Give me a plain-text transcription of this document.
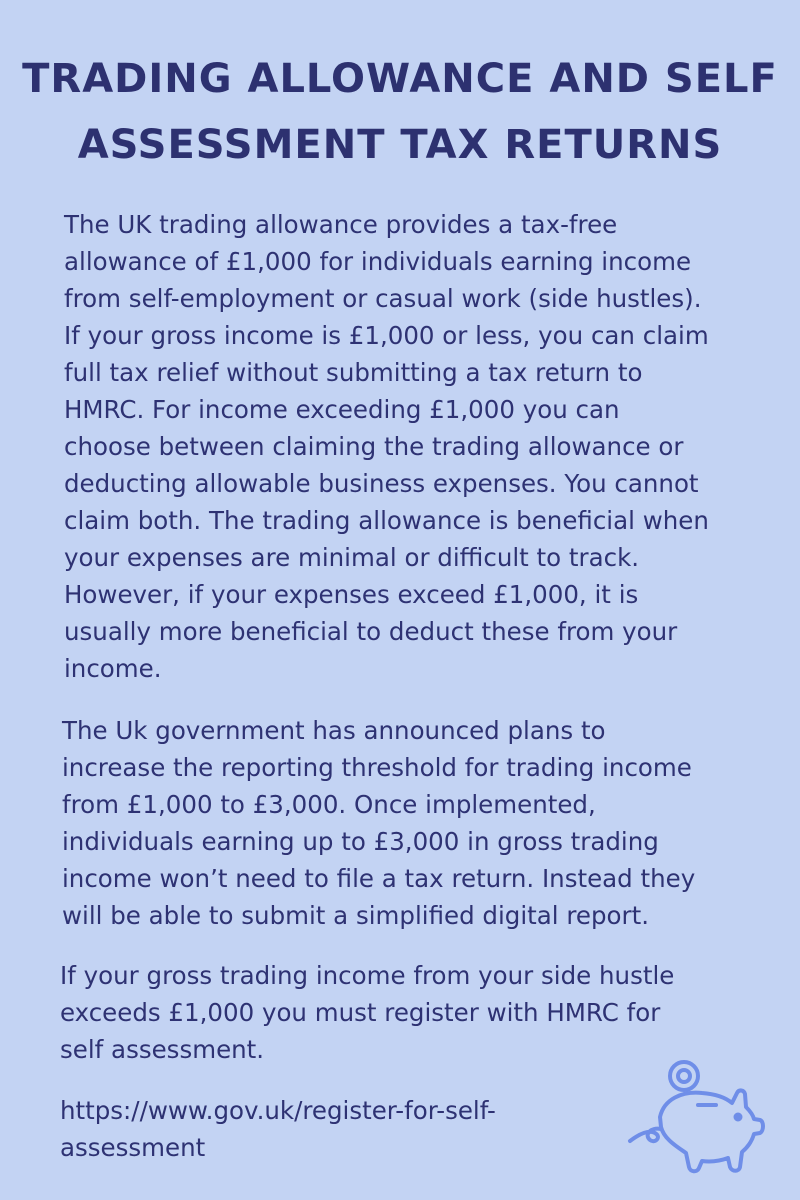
TRADING ALLOWANCE AND SELF
ASSESSMENT TAX RETURNS

The UK trading allowance provides a tax-free
allowance of £1,000 for individuals earning income
from self-employment or casual work (side hustles).
If your gross income is £1,000 or less, you can claim
full tax relief without submitting a tax return to
HMRC. For income exceeding £1,000 you can
choose between claiming the trading allowance or
deducting allowable business expenses. You cannot
claim both. The trading allowance is beneficial when
your expenses are minimal or difficult to track.
However, if your expenses exceed £1,000, it is
usually more beneficial to deduct these from your
income.

The Uk government has announced plans to
increase the reporting threshold for trading income
from £1,000 to £3,000. Once implemented,
individuals earning up to £3,000 in gross trading
income won’t need to file a tax return. Instead they
will be able to submit a simplified digital report.

If your gross trading income from your side hustle
exceeds £1,000 you must register with HMRC for
self assessment.

https://www.gov.uk/register-for-self-
assessment
